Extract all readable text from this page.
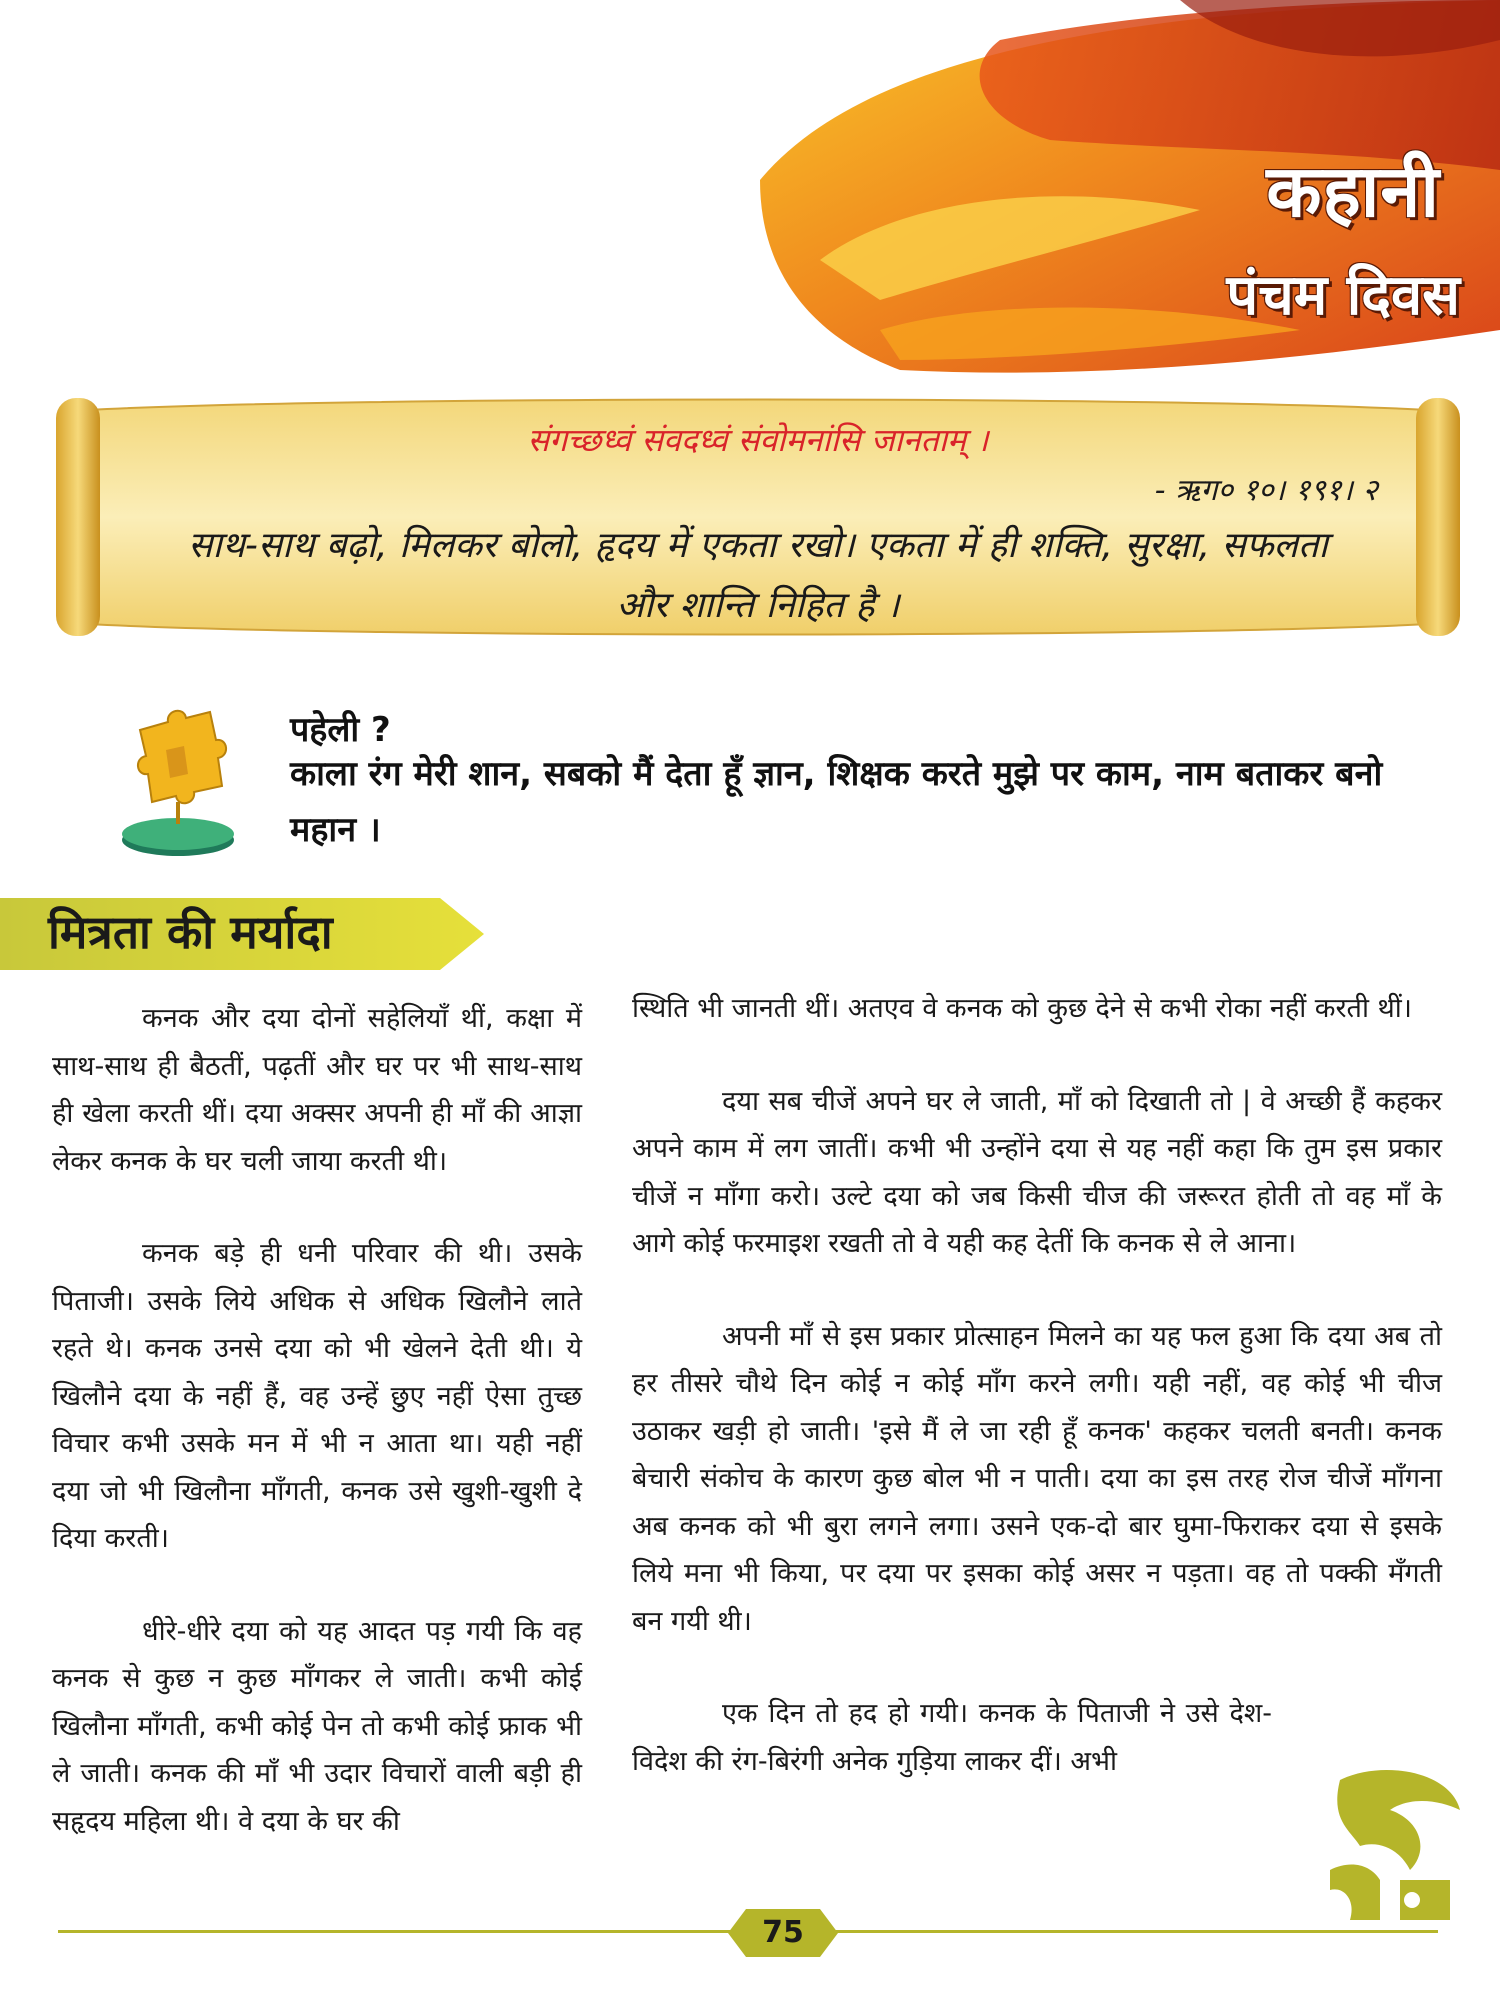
कहानी
पंचम दिवस
संगच्छध्वं संवदध्वं संवोमनांसि जानताम् ।
- ऋग० १०। १९१। २
साथ-साथ बढ़ो, मिलकर बोलो, हृदय में एकता रखो। एकता में ही शक्ति, सुरक्षा, सफलता और शान्ति निहित है ।
पहेली ?
काला रंग मेरी शान, सबको मैं देता हूँ ज्ञान, शिक्षक करते मुझे पर काम, नाम बताकर बनो महान ।
मित्रता की मर्यादा

कनक और दया दोनों सहेलियाँ थीं, कक्षा में साथ-साथ ही बैठतीं, पढ़तीं और घर पर भी साथ-साथ ही खेला करती थीं। दया अक्सर अपनी ही माँ की आज्ञा लेकर कनक के घर चली जाया करती थी।

कनक बड़े ही धनी परिवार की थी। उसके पिताजी। उसके लिये अधिक से अधिक खिलौने लाते रहते थे। कनक उनसे दया को भी खेलने देती थी। ये खिलौने दया के नहीं हैं, वह उन्हें छुए नहीं ऐसा तुच्छ विचार कभी उसके मन में भी न आता था। यही नहीं दया जो भी खिलौना माँगती, कनक उसे खुशी-खुशी दे दिया करती।

धीरे-धीरे दया को यह आदत पड़ गयी कि वह कनक से कुछ न कुछ माँगकर ले जाती। कभी कोई खिलौना माँगती, कभी कोई पेन तो कभी कोई फ्राक भी ले जाती। कनक की माँ भी उदार विचारों वाली बड़ी ही सहृदय महिला थी। वे दया के घर की

स्थिति भी जानती थीं। अतएव वे कनक को कुछ देने से कभी रोका नहीं करती थीं।

दया सब चीजें अपने घर ले जाती, माँ को दिखाती तो | वे अच्छी हैं कहकर अपने काम में लग जातीं। कभी भी उन्होंने दया से यह नहीं कहा कि तुम इस प्रकार चीजें न माँगा करो। उल्टे दया को जब किसी चीज की जरूरत होती तो वह माँ के आगे कोई फरमाइश रखती तो वे यही कह देतीं कि कनक से ले आना।

अपनी माँ से इस प्रकार प्रोत्साहन मिलने का यह फल हुआ कि दया अब तो हर तीसरे चौथे दिन कोई न कोई माँग करने लगी। यही नहीं, वह कोई भी चीज उठाकर खड़ी हो जाती। 'इसे मैं ले जा रही हूँ कनक' कहकर चलती बनती। कनक बेचारी संकोच के कारण कुछ बोल भी न पाती। दया का इस तरह रोज चीजें माँगना अब कनक को भी बुरा लगने लगा। उसने एक-दो बार घुमा-फिराकर दया से इसके लिये मना भी किया, पर दया पर इसका कोई असर न पड़ता। वह तो पक्की मँगती बन गयी थी।

एक दिन तो हद हो गयी। कनक के पिताजी ने उसे देश-विदेश की रंग-बिरंगी अनेक गुड़िया लाकर दीं। अभी

75
